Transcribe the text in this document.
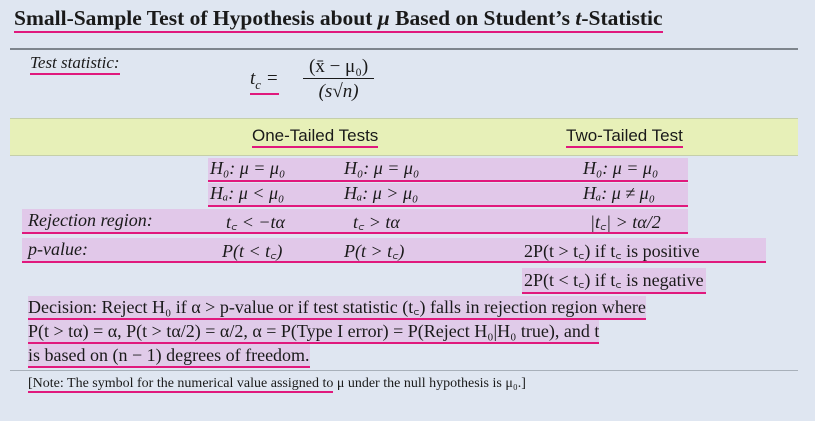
Small-Sample Test of Hypothesis about μ Based on Student’s t-Statistic
Test statistic:
$t_c = \frac{\text{(x̄ − μ₀)}}{(s√n)}$
One-Tailed Tests	Two-Tailed Test
H₀: μ = μ₀	H₀: μ = μ₀	H₀: μ = μ₀
Hₐ: μ < μ₀	Hₐ: μ > μ₀	Hₐ: μ ≠ μ₀
Rejection region:	t꜀ < −tα	t꜀ > tα	|t꜀| > tα/2
p-value:	P(t < t꜀)	P(t > t꜀)	2P(t > t꜀) if t꜀ is positive
2P(t < t꜀) if t꜀ is negative
Decision: Reject H₀ if α > p-value or if test statistic (t꜀) falls in rejection region where
P(t > tα) = α, P(t > tα/2) = α/2, α = P(Type I error) = P(Reject H₀|H₀ true), and t
is based on (n − 1) degrees of freedom.
[Note: The symbol for the numerical value assigned to μ under the null hypothesis is μ₀.]
